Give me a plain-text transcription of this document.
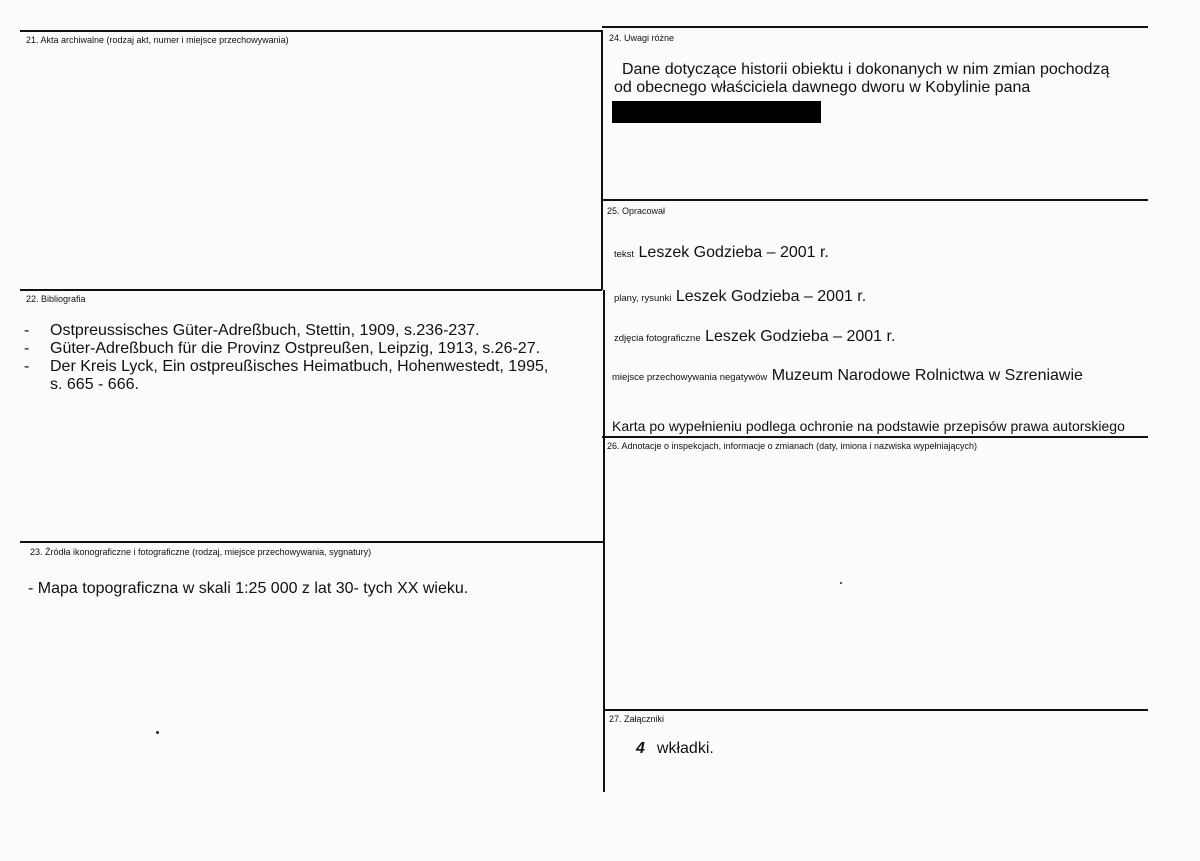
21. Akta archiwalne (rodzaj akt, numer i miejsce przechowywania)
22. Bibliografia
- Ostpreussisches Güter-Adreßbuch, Stettin, 1909, s.236-237.
- Güter-Adreßbuch für die Provinz Ostpreußen, Leipzig, 1913, s.26-27.
- Der Kreis Lyck, Ein ostpreußisches Heimatbuch, Hohenwestedt, 1995,
s. 665 - 666.
23. Źródła ikonograficzne i fotograficzne (rodzaj, miejsce przechowywania, sygnatury)
- Mapa topograficzna w skali 1:25 000 z lat 30- tych XX wieku.
24. Uwagi różne
Dane dotyczące historii obiektu i dokonanych w nim zmian pochodzą
od obecnego właściciela dawnego dworu w Kobylinie pana
25. Opracował
tekst Leszek Godzieba – 2001 r.
plany, rysunki Leszek Godzieba – 2001 r.
zdjęcia fotograficzne Leszek Godzieba – 2001 r.
miejsce przechowywania negatywów Muzeum Narodowe Rolnictwa w Szreniawie
Karta po wypełnieniu podlega ochronie na podstawie przepisów prawa autorskiego
26. Adnotacje o inspekcjach, informacje o zmianach (daty, imiona i nazwiska wypełniających)
27. Załączniki
4 wkładki.
